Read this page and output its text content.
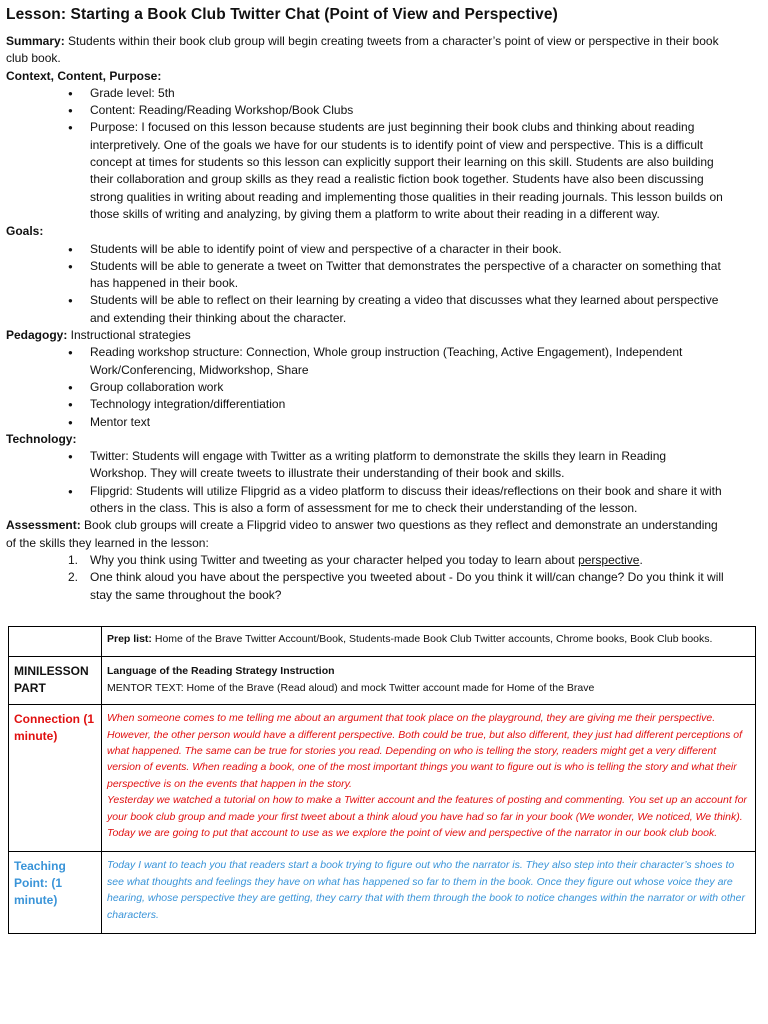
Lesson: Starting a Book Club Twitter Chat (Point of View and Perspective)

Summary: Students within their book club group will begin creating tweets from a character’s point of view or perspective in their book club book.

Context, Content, Purpose:

● Grade level: 5th
● Content: Reading/Reading Workshop/Book Clubs
● Purpose: I focused on this lesson because students are just beginning their book clubs and thinking about reading interpretively. One of the goals we have for our students is to identify point of view and perspective. This is a difficult concept at times for students so this lesson can explicitly support their learning on this skill. Students are also building their collaboration and group skills as they read a realistic fiction book together. Students have also been discussing strong qualities in writing about reading and implementing those qualities in their reading journals. This lesson builds on those skills of writing and analyzing, by giving them a platform to write about their reading in a different way.

Goals:

● Students will be able to identify point of view and perspective of a character in their book.
● Students will be able to generate a tweet on Twitter that demonstrates the perspective of a character on something that has happened in their book.
● Students will be able to reflect on their learning by creating a video that discusses what they learned about perspective and extending their thinking about the character.

Pedagogy: Instructional strategies

● Reading workshop structure: Connection, Whole group instruction (Teaching, Active Engagement), Independent Work/Conferencing, Midworkshop, Share
● Group collaboration work
● Technology integration/differentiation
● Mentor text

Technology:

● Twitter: Students will engage with Twitter as a writing platform to demonstrate the skills they learn in Reading Workshop. They will create tweets to illustrate their understanding of their book and skills.
● Flipgrid: Students will utilize Flipgrid as a video platform to discuss their ideas/reflections on their book and share it with others in the class. This is also a form of assessment for me to check their understanding of the lesson.

Assessment: Book club groups will create a Flipgrid video to answer two questions as they reflect and demonstrate an understanding of the skills they learned in the lesson:

1. Why you think using Twitter and tweeting as your character helped you today to learn about perspective.
2. One think aloud you have about the perspective you tweeted about - Do you think it will/can change? Do you think it will stay the same throughout the book?
	Prep list: Home of the Brave Twitter Account/Book, Students-made Book Club Twitter accounts, Chrome books, Book Club books.
MINILESSON PART	Language of the Reading Strategy Instruction
MENTOR TEXT: Home of the Brave (Read aloud) and mock Twitter account made for Home of the Brave

Connection (1 minute)	When someone comes to me telling me about an argument that took place on the playground, they are giving me their perspective. However, the other person would have a different perspective. Both could be true, but also different, they just had different perceptions of what happened. The same can be true for stories you read. Depending on who is telling the story, readers might get a very different version of events. When reading a book, one of the most important things you want to figure out is who is telling the story and what their perspective is on the events that happen in the story.
Yesterday we watched a tutorial on how to make a Twitter account and the features of posting and commenting. You set up an account for your book club group and made your first tweet about a think aloud you have had so far in your book (We wonder, We noticed, We think). Today we are going to put that account to use as we explore the point of view and perspective of the narrator in our book club book.

Teaching Point: (1 minute)	Today I want to teach you that readers start a book trying to figure out who the narrator is. They also step into their character’s shoes to see what thoughts and feelings they have on what has happened so far to them in the book. Once they figure out whose voice they are hearing, whose perspective they are getting, they carry that with them through the book to notice changes within the narrator or with other characters.
